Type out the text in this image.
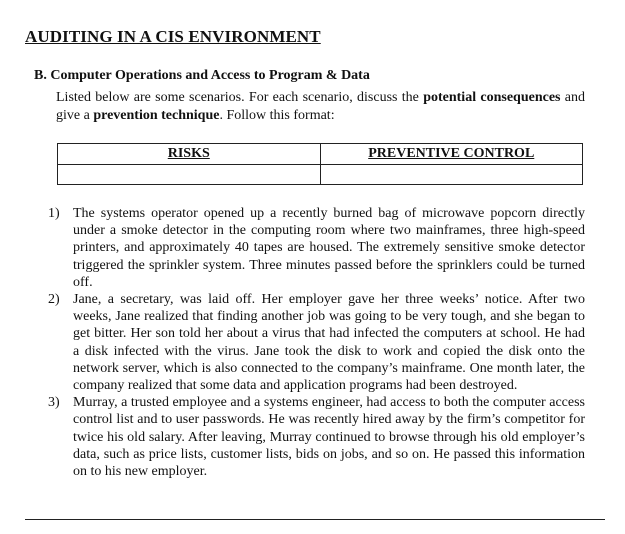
AUDITING IN A CIS ENVIRONMENT
B. Computer Operations and Access to Program & Data
Listed below are some scenarios. For each scenario, discuss the potential consequences and give a prevention technique. Follow this format:
RISKS	PREVENTIVE CONTROL

1) The systems operator opened up a recently burned bag of microwave popcorn directly under a smoke detector in the computing room where two mainframes, three high-speed printers, and approximately 40 tapes are housed. The extremely sensitive smoke detector triggered the sprinkler system. Three minutes passed before the sprinklers could be turned off.
2) Jane, a secretary, was laid off. Her employer gave her three weeks’ notice. After two weeks, Jane realized that finding another job was going to be very tough, and she began to get bitter. Her son told her about a virus that had infected the computers at school. He had a disk infected with the virus. Jane took the disk to work and copied the disk onto the network server, which is also connected to the company’s mainframe. One month later, the company realized that some data and application programs had been destroyed.
3) Murray, a trusted employee and a systems engineer, had access to both the computer access control list and to user passwords. He was recently hired away by the firm’s competitor for twice his old salary. After leaving, Murray continued to browse through his old employer’s data, such as price lists, customer lists, bids on jobs, and so on. He passed this information on to his new employer.
